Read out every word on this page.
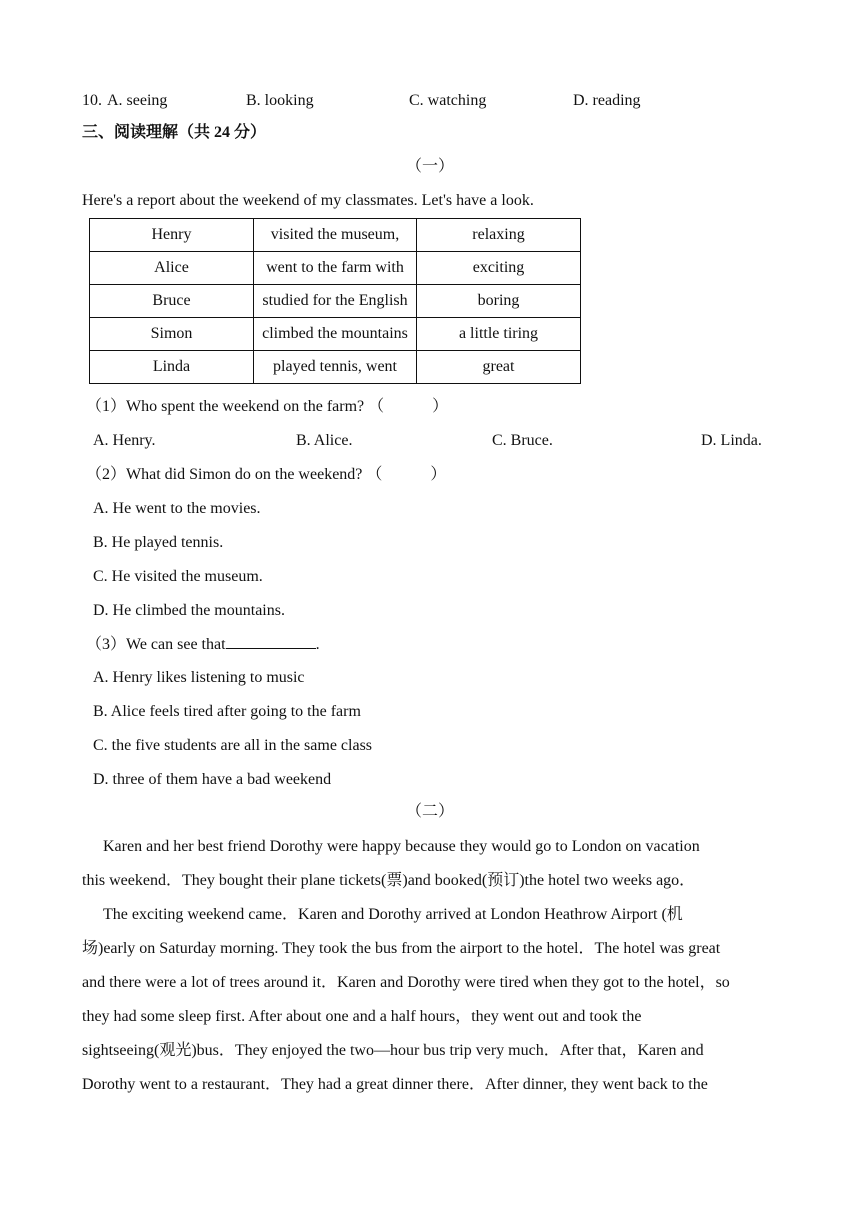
10. A. seeing	B. looking	C. watching	D. reading
三、阅读理解（共 24 分）
（一）
Here's a report about the weekend of my classmates. Let's have a look.
Henry	visited the museum,	relaxing
Alice	went to the farm with	exciting
Bruce	studied for the English	boring
Simon	climbed the mountains	a little tiring
Linda	played tennis, went	great
（1）Who spent the weekend on the farm? （　　　）
A. Henry.	B. Alice.	C. Bruce.	D. Linda.
（2）What did Simon do on the weekend? （　　　）
A. He went to the movies.
B. He played tennis.
C. He visited the museum.
D. He climbed the mountains.
（3）We can see that	.
A. Henry likes listening to music
B. Alice feels tired after going to the farm
C. the five students are all in the same class
D. three of them have a bad weekend
（二）
Karen and her best friend Dorothy were happy because they would go to London on vacation
this weekend．They bought their plane tickets(票)and booked(预订)the hotel two weeks ago．
The exciting weekend came．Karen and Dorothy arrived at London Heathrow Airport (机
场)early on Saturday morning. They took the bus from the airport to the hotel．The hotel was great
and there were a lot of trees around it．Karen and Dorothy were tired when they got to the hotel，so
they had some sleep first. After about one and a half hours，they went out and took the
sightseeing(观光)bus．They enjoyed the two—hour bus trip very much．After that，Karen and
Dorothy went to a restaurant．They had a great dinner there．After dinner, they went back to the
